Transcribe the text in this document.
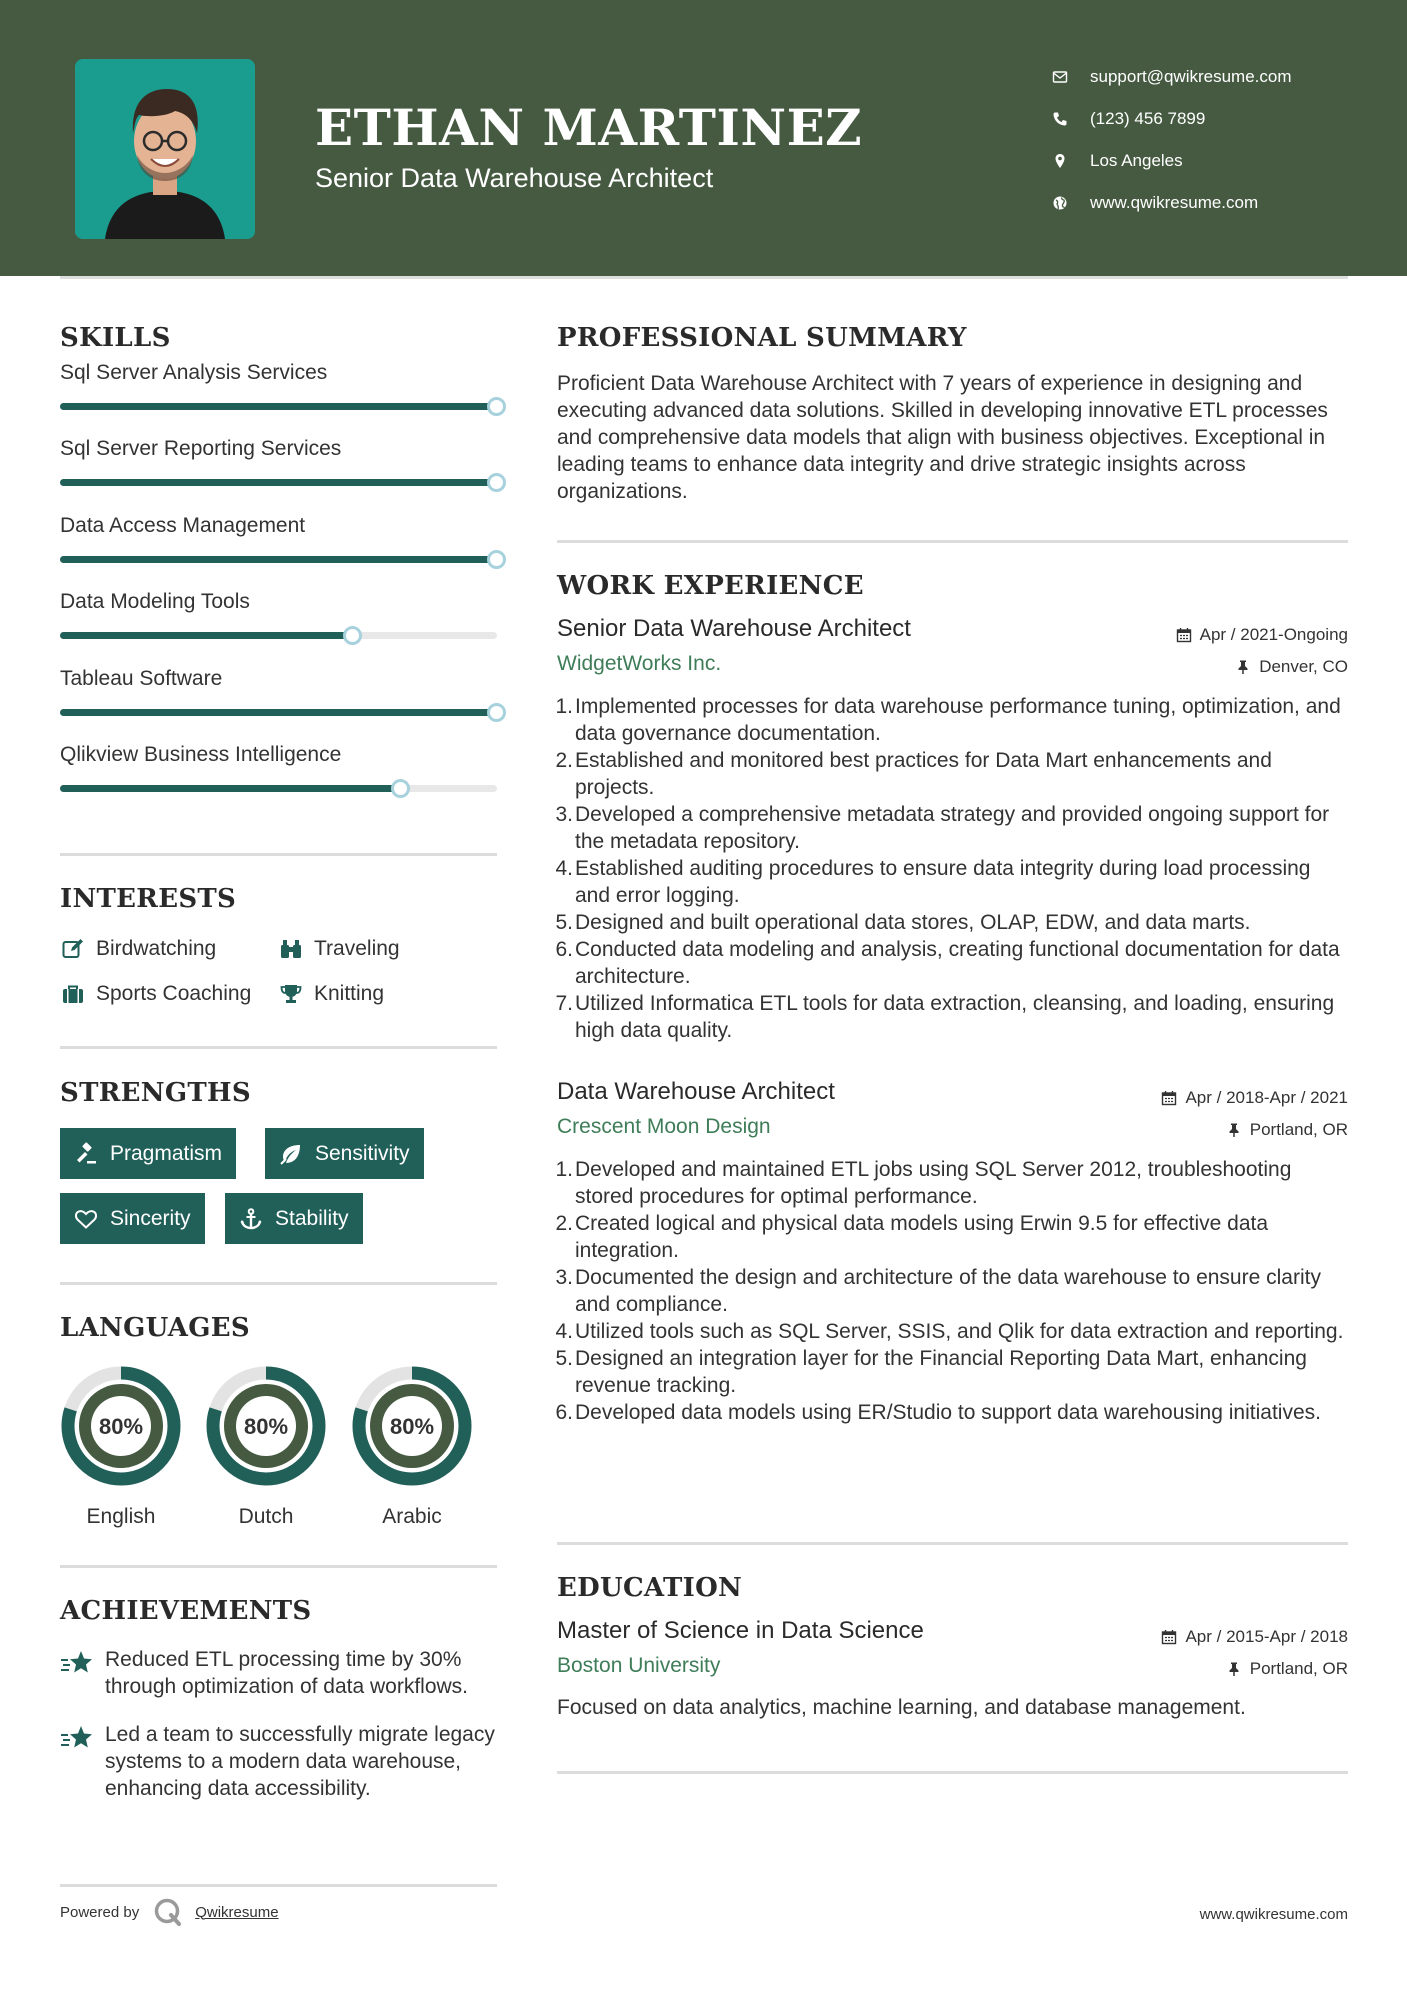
ETHAN MARTINEZ
Senior Data Warehouse Architect
support@qwikresume.com
(123) 456 7899
Los Angeles
www.qwikresume.com
SKILLS
Sql Server Analysis Services
Sql Server Reporting Services
Data Access Management
Data Modeling Tools
Tableau Software
Qlikview Business Intelligence
INTERESTS
Birdwatching	Traveling
Sports Coaching	Knitting
STRENGTHS
Pragmatism	Sensitivity
Sincerity	Stability
LANGUAGES
80%
English
80%
Dutch
80%
Arabic
ACHIEVEMENTS
Reduced ETL processing time by 30% through optimization of data workflows.
Led a team to successfully migrate legacy systems to a modern data warehouse, enhancing data accessibility.
PROFESSIONAL SUMMARY
Proficient Data Warehouse Architect with 7 years of experience in designing and executing advanced data solutions. Skilled in developing innovative ETL processes and comprehensive data models that align with business objectives. Exceptional in leading teams to enhance data integrity and drive strategic insights across organizations.
WORK EXPERIENCE
Senior Data Warehouse Architect
WidgetWorks Inc.
Apr / 2021-Ongoing
Denver, CO
1. Implemented processes for data warehouse performance tuning, optimization, and data governance documentation.
2. Established and monitored best practices for Data Mart enhancements and projects.
3. Developed a comprehensive metadata strategy and provided ongoing support for the metadata repository.
4. Established auditing procedures to ensure data integrity during load processing and error logging.
5. Designed and built operational data stores, OLAP, EDW, and data marts.
6. Conducted data modeling and analysis, creating functional documentation for data architecture.
7. Utilized Informatica ETL tools for data extraction, cleansing, and loading, ensuring high data quality.
Data Warehouse Architect
Crescent Moon Design
Apr / 2018-Apr / 2021
Portland, OR
1. Developed and maintained ETL jobs using SQL Server 2012, troubleshooting stored procedures for optimal performance.
2. Created logical and physical data models using Erwin 9.5 for effective data integration.
3. Documented the design and architecture of the data warehouse to ensure clarity and compliance.
4. Utilized tools such as SQL Server, SSIS, and Qlik for data extraction and reporting.
5. Designed an integration layer for the Financial Reporting Data Mart, enhancing revenue tracking.
6. Developed data models using ER/Studio to support data warehousing initiatives.
EDUCATION
Master of Science in Data Science
Boston University
Apr / 2015-Apr / 2018
Portland, OR
Focused on data analytics, machine learning, and database management.
Powered by	Qwikresume	www.qwikresume.com
